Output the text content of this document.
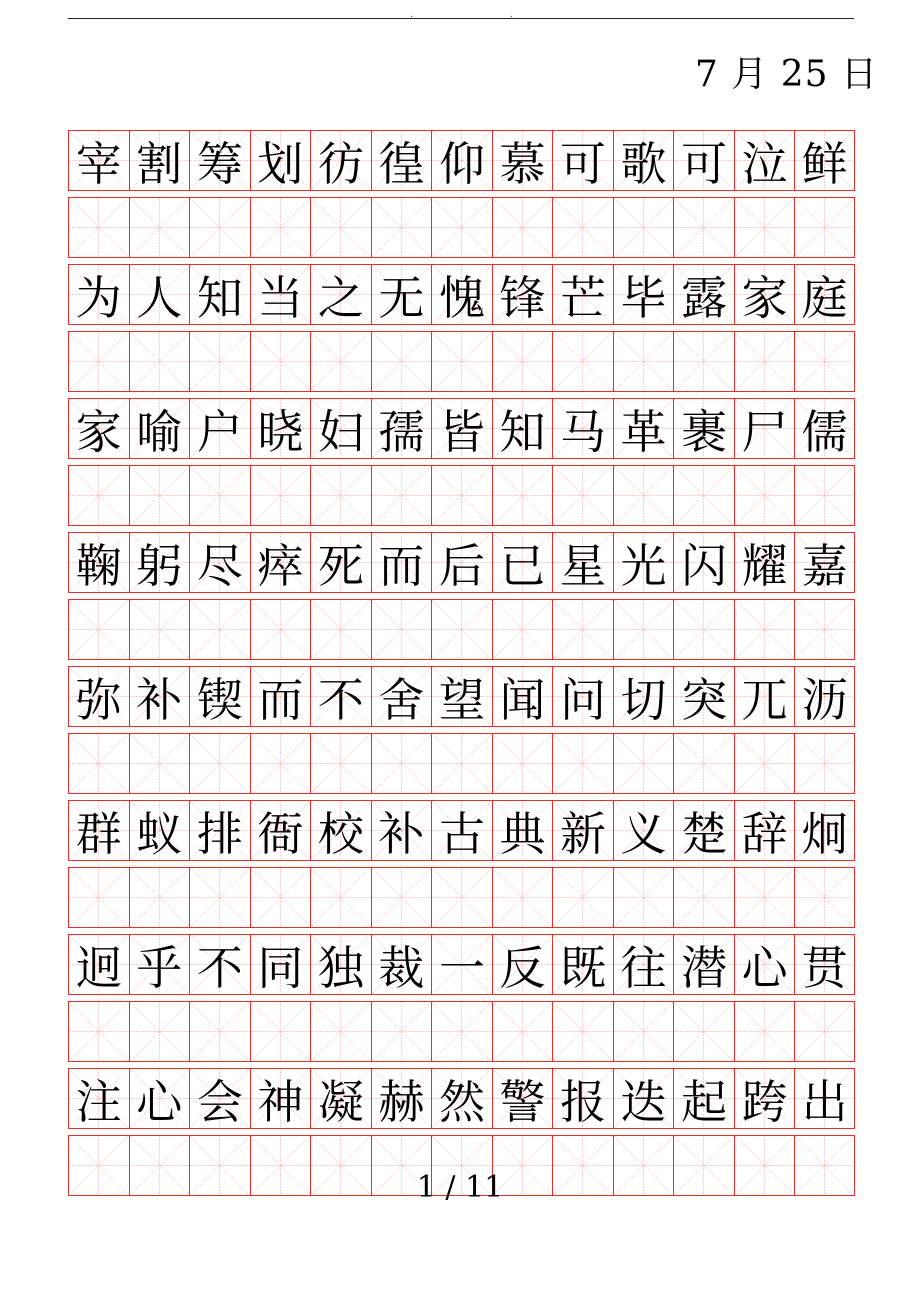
.	.
7 月 25 日
宰 割 筹 划 彷 徨 仰 慕 可 歌 可 泣 鲜
为 人 知 当 之 无 愧 锋 芒 毕 露 家 庭
家 喻 户 晓 妇 孺 皆 知 马 革 裹 尸 儒
鞠 躬 尽 瘁 死 而 后 已 星 光 闪 耀 嘉
弥 补 锲 而 不 舍 望 闻 问 切 突 兀 沥
群 蚁 排 衙 校 补 古 典 新 义 楚 辞 炯
迥 乎 不 同 独 裁 一 反 既 往 潜 心 贯
注 心 会 神 凝 赫 然 警 报 迭 起 跨 出
1 / 11
